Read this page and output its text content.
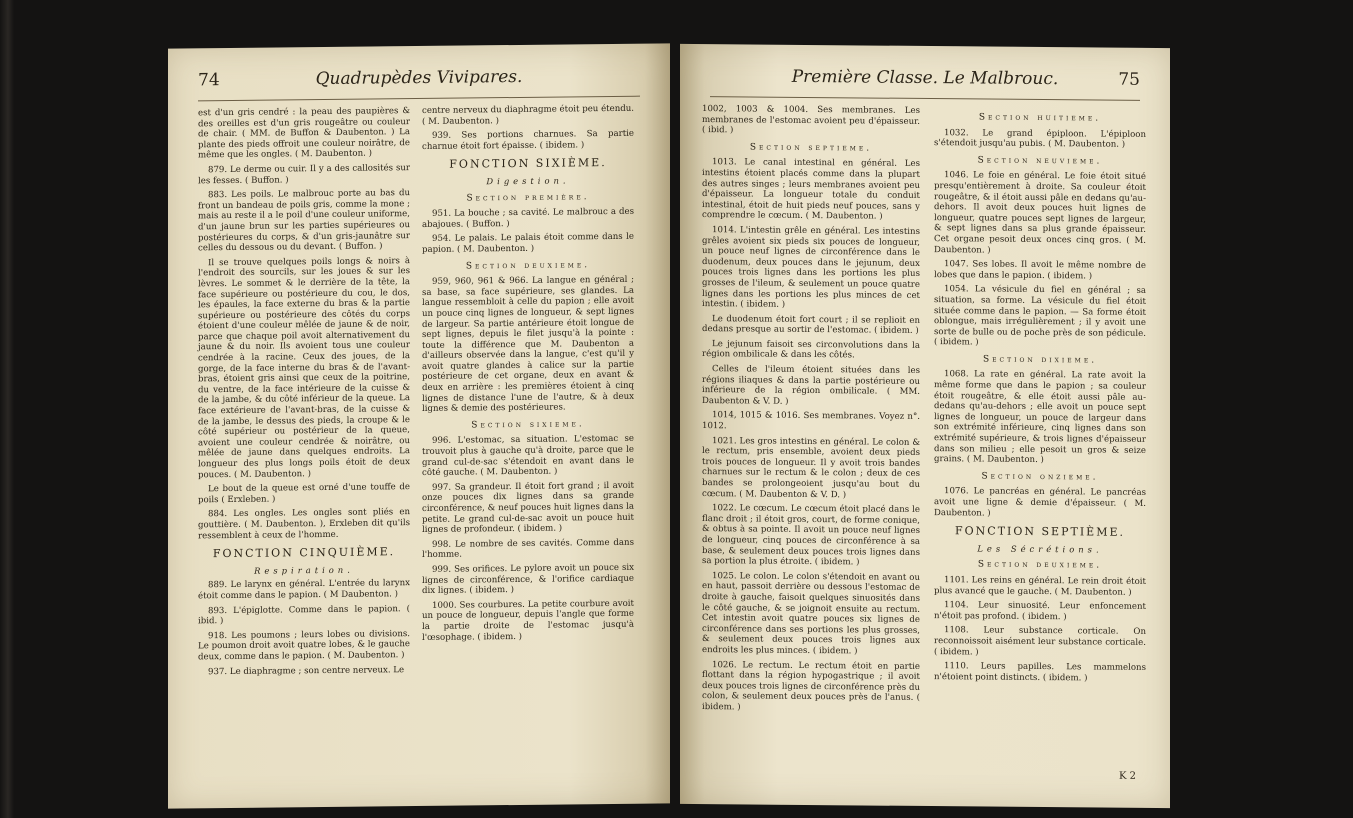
74	Quadrupèdes Vivipares.

est d'un gris cendré : la peau des paupières & des oreilles est d'un gris rougeâtre ou couleur de chair. ( MM. de Buffon & Daubenton. ) La plante des pieds offroit une couleur noirâtre, de même que les ongles. ( M. Daubenton. )

879. Le derme ou cuir. Il y a des callosités sur les fesses. ( Buffon. )

883. Les poils. Le malbrouc porte au bas du front un bandeau de poils gris, comme la mone ; mais au reste il a le poil d'une couleur uniforme, d'un jaune brun sur les parties supérieures ou postérieures du corps, & d'un gris-jaunâtre sur celles du dessous ou du devant. ( Buffon. )

Il se trouve quelques poils longs & noirs à l'endroit des sourcils, sur les joues & sur les lèvres. Le sommet & le derrière de la tête, la face supérieure ou postérieure du cou, le dos, les épaules, la face externe du bras & la partie supérieure ou postérieure des côtés du corps étoient d'une couleur mêlée de jaune & de noir, parce que chaque poil avoit alternativement du jaune & du noir. Ils avoient tous une couleur cendrée à la racine. Ceux des joues, de la gorge, de la face interne du bras & de l'avant-bras, étoient gris ainsi que ceux de la poitrine, du ventre, de la face intérieure de la cuisse & de la jambe, & du côté inférieur de la queue. La face extérieure de l'avant-bras, de la cuisse & de la jambe, le dessus des pieds, la croupe & le côté supérieur ou postérieur de la queue, avoient une couleur cendrée & noirâtre, ou mêlée de jaune dans quelques endroits. La longueur des plus longs poils étoit de deux pouces. ( M. Daubenton. )

Le bout de la queue est orné d'une touffe de poils ( Erxleben. )

884. Les ongles. Les ongles sont pliés en gouttière. ( M. Daubenton. ), Erxleben dit qu'ils ressemblent à ceux de l'homme.

FONCTION CINQUIÈME.
Respiration.

889. Le larynx en général. L'entrée du larynx étoit comme dans le papion. ( M Daubenton. )

893. L'épiglotte. Comme dans le papion. ( ibid. )

918. Les poumons ; leurs lobes ou divisions. Le poumon droit avoit quatre lobes, & le gauche deux, comme dans le papion. ( M. Daubenton. )

937. Le diaphragme ; son centre nerveux. Le

centre nerveux du diaphragme étoit peu étendu. ( M. Daubenton. )

939. Ses portions charnues. Sa partie charnue étoit fort épaisse. ( ibidem. )

FONCTION SIXIÈME.
Digestion.
Section première.

951. La bouche ; sa cavité. Le malbrouc a des abajoues. ( Buffon. )

954. Le palais. Le palais étoit comme dans le papion. ( M. Daubenton. )

Section deuxieme.

959, 960, 961 & 966. La langue en général ; sa base, sa face supérieure, ses glandes. La langue ressembloit à celle du papion ; elle avoit un pouce cinq lignes de longueur, & sept lignes de largeur. Sa partie antérieure étoit longue de sept lignes, depuis le filet jusqu'à la pointe : toute la différence que M. Daubenton a d'ailleurs observée dans la langue, c'est qu'il y avoit quatre glandes à calice sur la partie postérieure de cet organe, deux en avant & deux en arrière : les premières étoient à cinq lignes de distance l'une de l'autre, & à deux lignes & demie des postérieures.

Section sixieme.

996. L'estomac, sa situation. L'estomac se trouvoit plus à gauche qu'à droite, parce que le grand cul-de-sac s'étendoit en avant dans le côté gauche. ( M. Daubenton. )

997. Sa grandeur. Il étoit fort grand ; il avoit onze pouces dix lignes dans sa grande circonférence, & neuf pouces huit lignes dans la petite. Le grand cul-de-sac avoit un pouce huit lignes de profondeur. ( ibidem. )

998. Le nombre de ses cavités. Comme dans l'homme.

999. Ses orifices. Le pylore avoit un pouce six lignes de circonférence, & l'orifice cardiaque dix lignes. ( ibidem. )

1000. Ses courbures. La petite courbure avoit un pouce de longueur, depuis l'angle que forme la partie droite de l'estomac jusqu'à l'œsophage. ( ibidem. )

Première Classe. Le Malbrouc.	75

1002, 1003 & 1004. Ses membranes. Les membranes de l'estomac avoient peu d'épaisseur. ( ibid. )

Section septieme.

1013. Le canal intestinal en général. Les intestins étoient placés comme dans la plupart des autres singes ; leurs membranes avoient peu d'épaisseur. La longueur totale du conduit intestinal, étoit de huit pieds neuf pouces, sans y comprendre le cœcum. ( M. Daubenton. )

1014. L'intestin grêle en général. Les intestins grêles avoient six pieds six pouces de longueur, un pouce neuf lignes de circonférence dans le duodenum, deux pouces dans le jejunum, deux pouces trois lignes dans les portions les plus grosses de l'ileum, & seulement un pouce quatre lignes dans les portions les plus minces de cet intestin. ( ibidem. )

Le duodenum étoit fort court ; il se replioit en dedans presque au sortir de l'estomac. ( ibidem. )

Le jejunum faisoit ses circonvolutions dans la région ombilicale & dans les côtés.

Celles de l'ileum étoient situées dans les régions iliaques & dans la partie postérieure ou inférieure de la région ombilicale. ( MM. Daubenton & V. D. )

1014, 1015 & 1016. Ses membranes. Voyez n°. 1012.

1021. Les gros intestins en général. Le colon & le rectum, pris ensemble, avoient deux pieds trois pouces de longueur. Il y avoit trois bandes charnues sur le rectum & le colon ; deux de ces bandes se prolongeoient jusqu'au bout du cœcum. ( M. Daubenton & V. D. )

1022. Le cœcum. Le cœcum étoit placé dans le flanc droit ; il étoit gros, court, de forme conique, & obtus à sa pointe. Il avoit un pouce neuf lignes de longueur, cinq pouces de circonférence à sa base, & seulement deux pouces trois lignes dans sa portion la plus étroite. ( ibidem. )

1025. Le colon. Le colon s'étendoit en avant ou en haut, passoit derrière ou dessous l'estomac de droite à gauche, faisoit quelques sinuosités dans le côté gauche, & se joignoit ensuite au rectum. Cet intestin avoit quatre pouces six lignes de circonférence dans ses portions les plus grosses, & seulement deux pouces trois lignes aux endroits les plus minces. ( ibidem. )

1026. Le rectum. Le rectum étoit en partie flottant dans la région hypogastrique ; il avoit deux pouces trois lignes de circonférence près du colon, & seulement deux pouces près de l'anus. ( ibidem. )

Section huitieme.

1032. Le grand épiploon. L'épiploon s'étendoit jusqu'au pubis. ( M. Daubenton. )

Section neuvieme.

1046. Le foie en général. Le foie étoit situé presqu'entièrement à droite. Sa couleur étoit rougeâtre, & il étoit aussi pâle en dedans qu'au-dehors. Il avoit deux pouces huit lignes de longueur, quatre pouces sept lignes de largeur, & sept lignes dans sa plus grande épaisseur. Cet organe pesoit deux onces cinq gros. ( M. Daubenton. )

1047. Ses lobes. Il avoit le même nombre de lobes que dans le papion. ( ibidem. )

1054. La vésicule du fiel en général ; sa situation, sa forme. La vésicule du fiel étoit située comme dans le papion. — Sa forme étoit oblongue, mais irrégulièrement ; il y avoit une sorte de bulle ou de poche près de son pédicule. ( ibidem. )

Section dixieme.

1068. La rate en général. La rate avoit la même forme que dans le papion ; sa couleur étoit rougeâtre, & elle étoit aussi pâle au-dedans qu'au-dehors ; elle avoit un pouce sept lignes de longueur, un pouce de largeur dans son extrémité inférieure, cinq lignes dans son extrémité supérieure, & trois lignes d'épaisseur dans son milieu ; elle pesoit un gros & seize grains. ( M. Daubenton. )

Section onzieme.

1076. Le pancréas en général. Le pancréas avoit une ligne & demie d'épaisseur. ( M. Daubenton. )

FONCTION SEPTIÈME.
Les Sécrétions.
Section deuxieme.

1101. Les reins en général. Le rein droit étoit plus avancé que le gauche. ( M. Daubenton. )

1104. Leur sinuosité. Leur enfoncement n'étoit pas profond. ( ibidem. )

1108. Leur substance corticale. On reconnoissoit aisément leur substance corticale. ( ibidem. )

1110. Leurs papilles. Les mammelons n'étoient point distincts. ( ibidem. )

K 2
